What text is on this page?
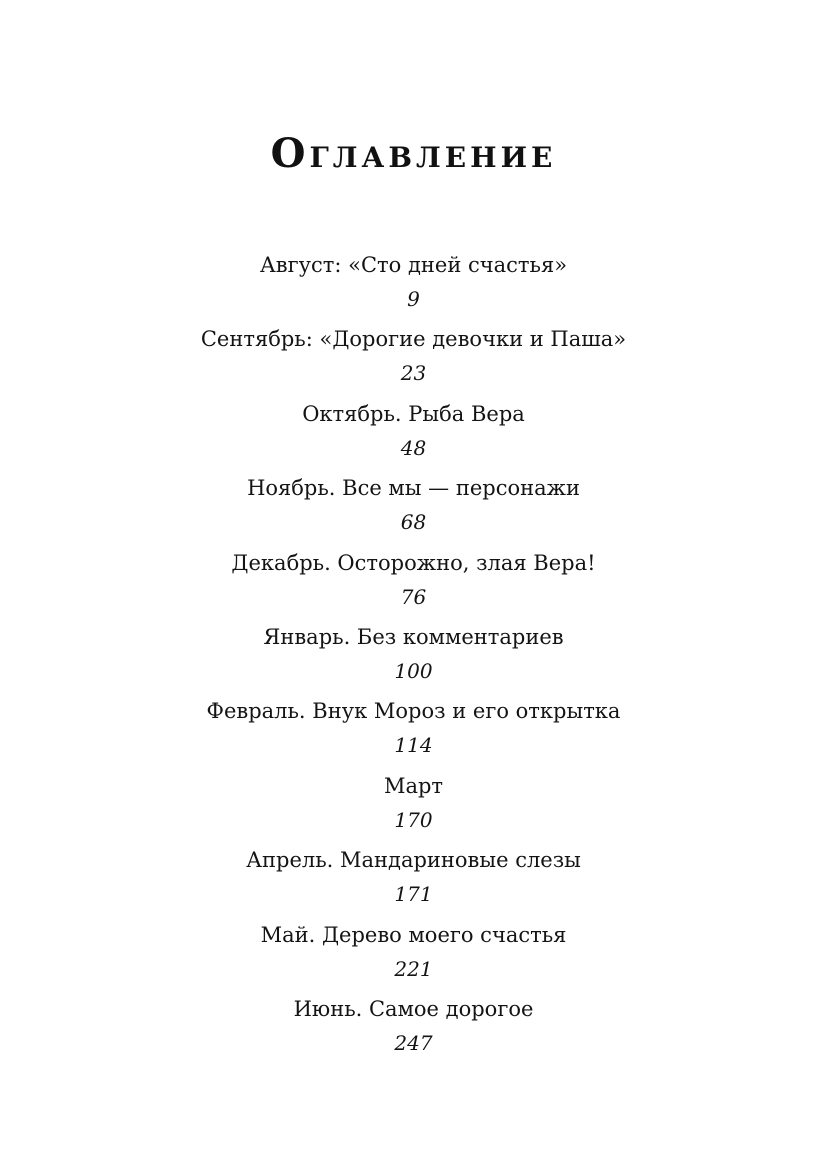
Оглавление
Август: «Сто дней счастья»
9
Сентябрь: «Дорогие девочки и Паша»
23
Октябрь. Рыба Вера
48
Ноябрь. Все мы — персонажи
68
Декабрь. Осторожно, злая Вера!
76
Январь. Без комментариев
100
Февраль. Внук Мороз и его открытка
114
Март
170
Апрель. Мандариновые слезы
171
Май. Дерево моего счастья
221
Июнь. Самое дорогое
247
